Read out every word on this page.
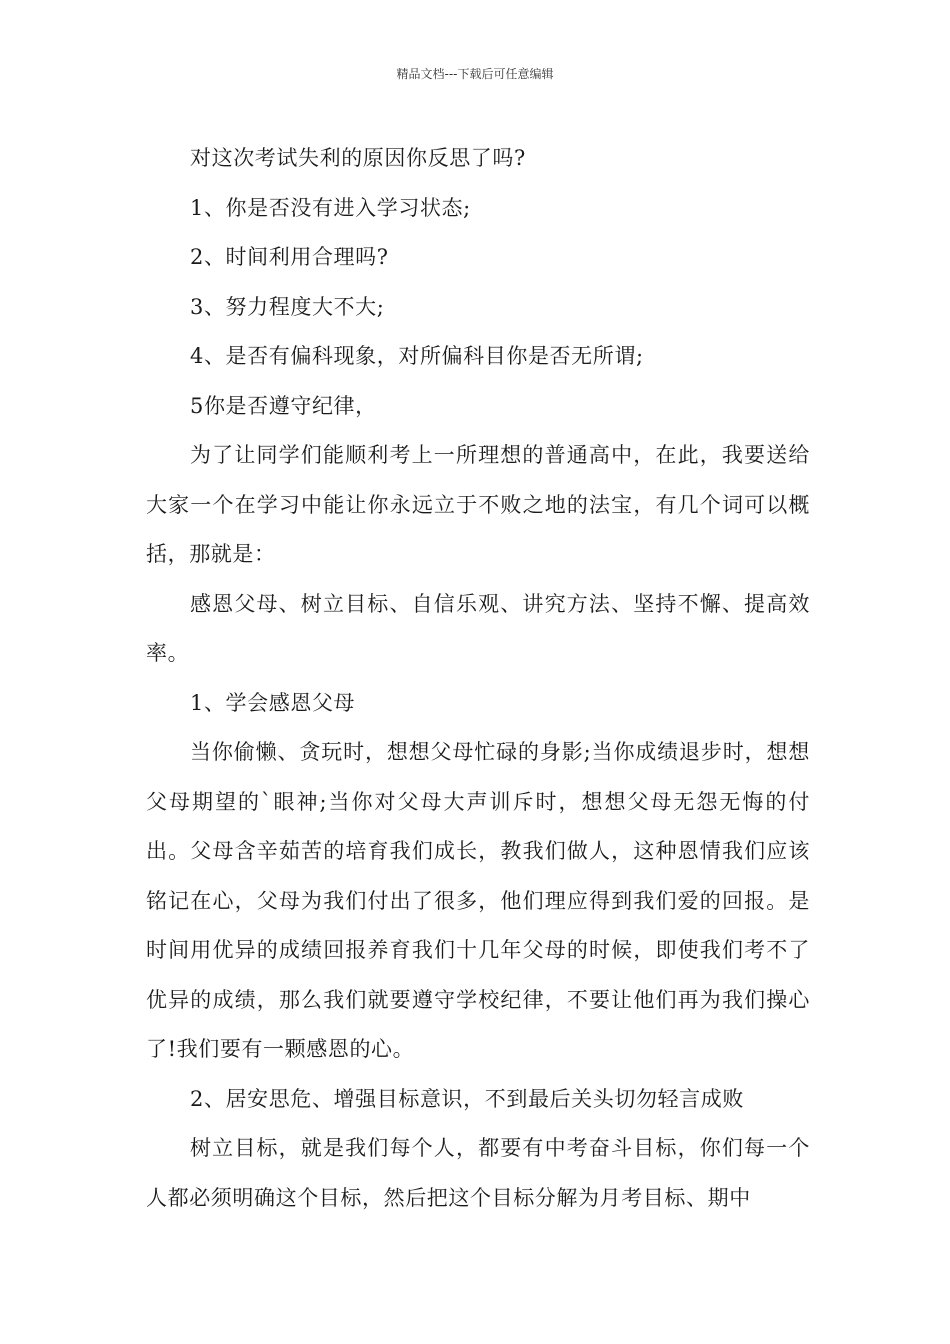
精品文档---下载后可任意编辑

对这次考试失利的原因你反思了吗?

1、你是否没有进入学习状态;

2、时间利用合理吗?

3、努力程度大不大;

4、是否有偏科现象，对所偏科目你是否无所谓;

5你是否遵守纪律，

为了让同学们能顺利考上一所理想的普通高中，在此，我要送给大家一个在学习中能让你永远立于不败之地的法宝，有几个词可以概括，那就是：

感恩父母、树立目标、自信乐观、讲究方法、坚持不懈、提高效率。

1、学会感恩父母

当你偷懒、贪玩时，想想父母忙碌的身影;当你成绩退步时，想想父母期望的`眼神;当你对父母大声训斥时，想想父母无怨无悔的付出。父母含辛茹苦的培育我们成长，教我们做人，这种恩情我们应该铭记在心，父母为我们付出了很多，他们理应得到我们爱的回报。是时间用优异的成绩回报养育我们十几年父母的时候，即使我们考不了优异的成绩，那么我们就要遵守学校纪律，不要让他们再为我们操心了!我们要有一颗感恩的心。

2、居安思危、增强目标意识，不到最后关头切勿轻言成败

树立目标，就是我们每个人，都要有中考奋斗目标，你们每一个人都必须明确这个目标，然后把这个目标分解为月考目标、期中
